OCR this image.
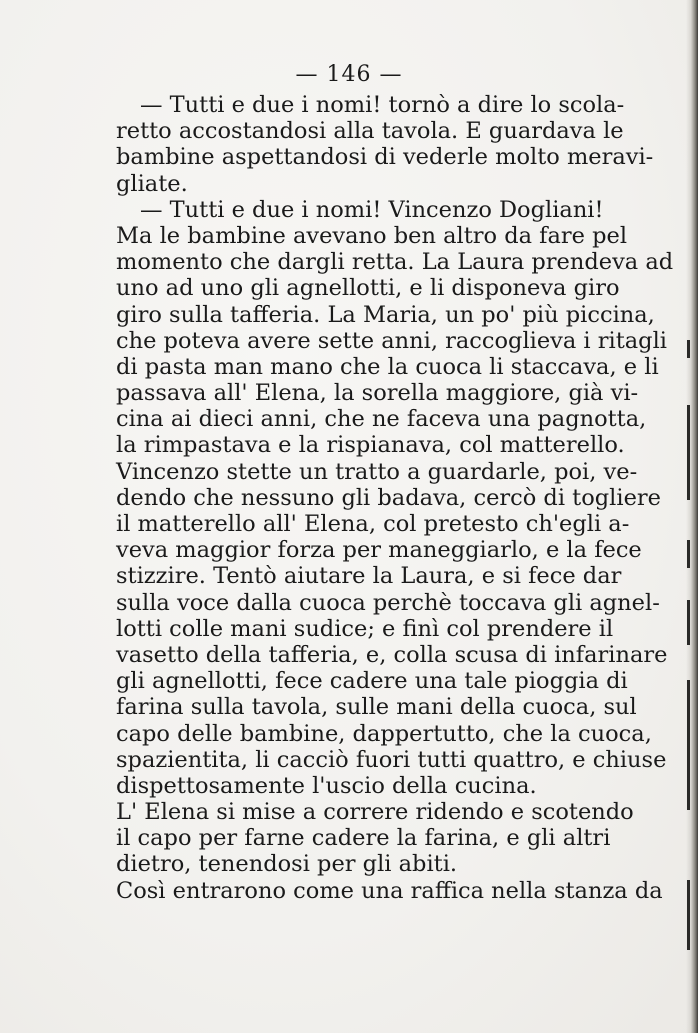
— 146 —
— Tutti e due i nomi! tornò a dire lo scola-
retto accostandosi alla tavola. E guardava le
bambine aspettandosi di vederle molto meravi-
gliate.
— Tutti e due i nomi! Vincenzo Dogliani!
Ma le bambine avevano ben altro da fare pel
momento che dargli retta. La Laura prendeva ad
uno ad uno gli agnellotti, e li disponeva giro
giro sulla tafferia. La Maria, un po' più piccina,
che poteva avere sette anni, raccoglieva i ritagli
di pasta man mano che la cuoca li staccava, e li
passava all' Elena, la sorella maggiore, già vi-
cina ai dieci anni, che ne faceva una pagnotta,
la rimpastava e la rispianava, col matterello.
Vincenzo stette un tratto a guardarle, poi, ve-
dendo che nessuno gli badava, cercò di togliere
il matterello all' Elena, col pretesto ch'egli a-
veva maggior forza per maneggiarlo, e la fece
stizzire. Tentò aiutare la Laura, e si fece dar
sulla voce dalla cuoca perchè toccava gli agnel-
lotti colle mani sudice; e finì col prendere il
vasetto della tafferia, e, colla scusa di infarinare
gli agnellotti, fece cadere una tale pioggia di
farina sulla tavola, sulle mani della cuoca, sul
capo delle bambine, dappertutto, che la cuoca,
spazientita, li cacciò fuori tutti quattro, e chiuse
dispettosamente l'uscio della cucina.
L' Elena si mise a correre ridendo e scotendo
il capo per farne cadere la farina, e gli altri
dietro, tenendosi per gli abiti.
Così entrarono come una raffica nella stanza da
